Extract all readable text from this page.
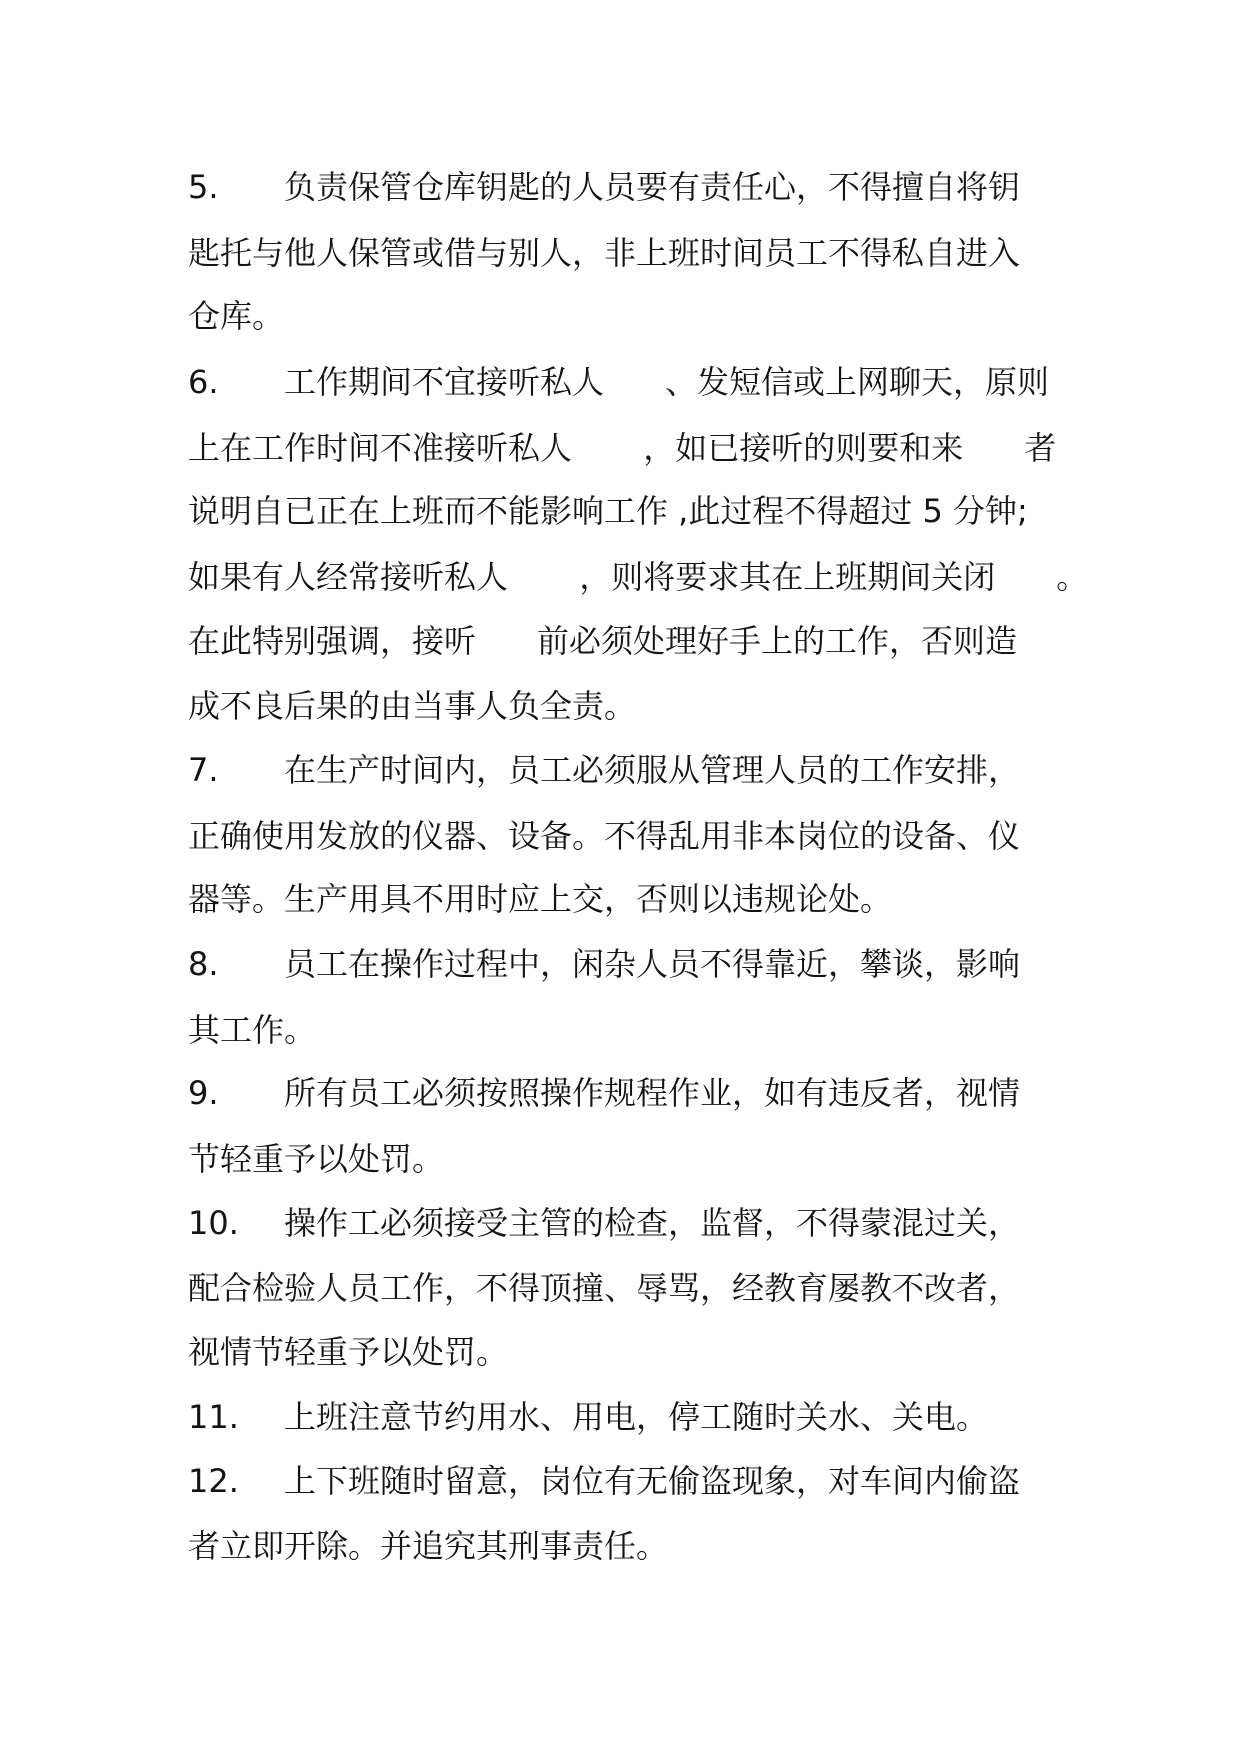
5.

负责保管仓库钥匙的人员要有责任心，不得擅自将钥

匙托与他人保管或借与别人，非上班时间员工不得私自进入

仓库。

6.

工作期间不宜接听私人      、发短信或上网聊天，原则

上在工作时间不准接听私人       ，如已接听的则要和来      者

说明自已正在上班而不能影响工作 ,此过程不得超过 5 分钟;

如果有人经常接听私人       ，则将要求其在上班期间关闭      。

在此特别强调，接听      前必须处理好手上的工作，否则造

成不良后果的由当事人负全责。

7.

在生产时间内，员工必须服从管理人员的工作安排，

正确使用发放的仪器、设备。不得乱用非本岗位的设备、仪

器等。生产用具不用时应上交，否则以违规论处。

8.

员工在操作过程中，闲杂人员不得靠近，攀谈，影响

其工作。

9.

所有员工必须按照操作规程作业，如有违反者，视情

节轻重予以处罚。

10.

操作工必须接受主管的检查，监督，不得蒙混过关，

配合检验人员工作，不得顶撞、辱骂，经教育屡教不改者，

视情节轻重予以处罚。

11.

上班注意节约用水、用电，停工随时关水、关电。

12.

上下班随时留意，岗位有无偷盗现象，对车间内偷盗

者立即开除。并追究其刑事责任。
